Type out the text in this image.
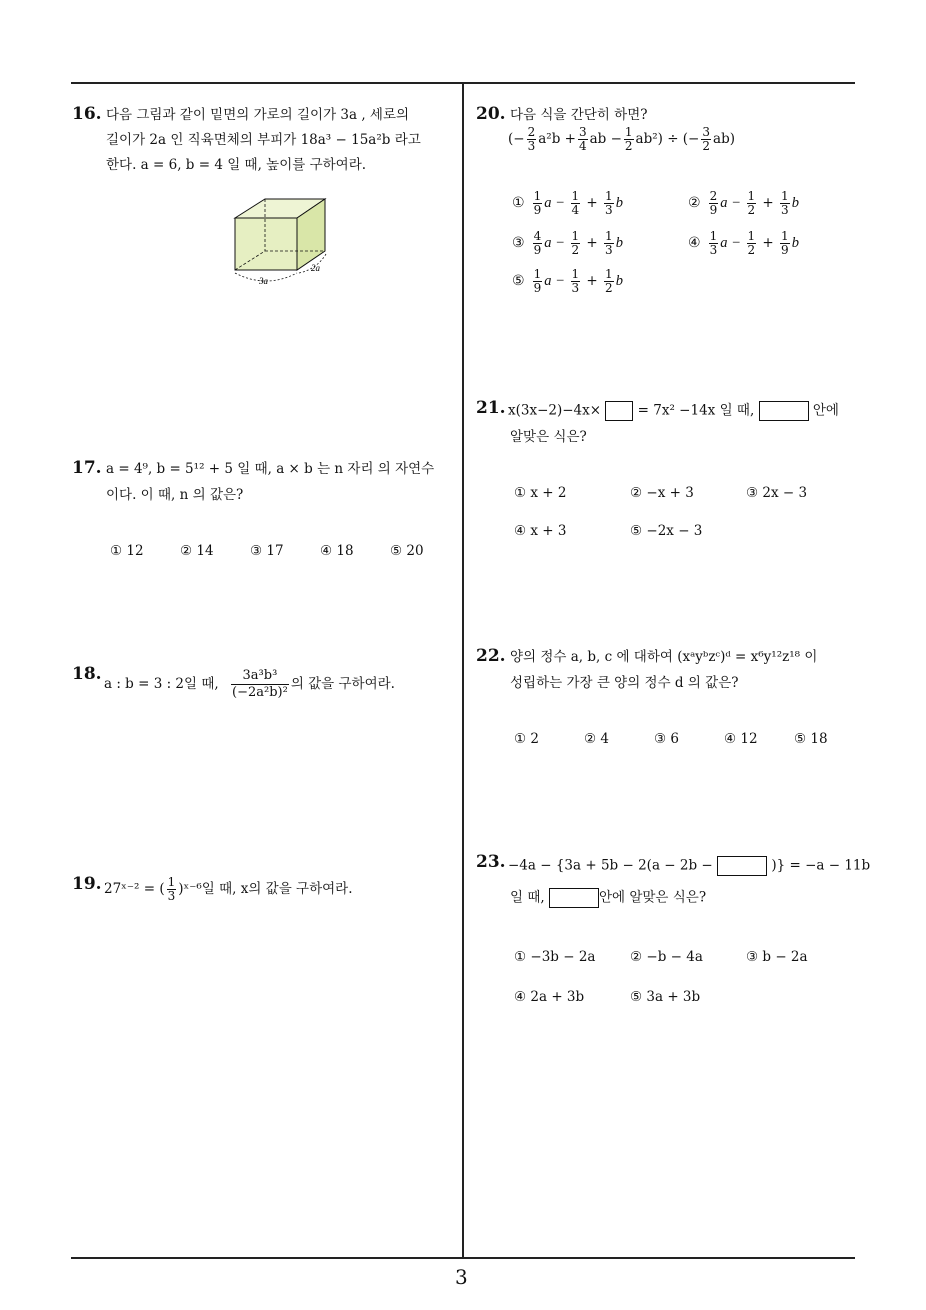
3
16. 다음 그림과 같이 밑면의 가로의 길이가 3a , 세로의
길이가 2a 인 직육면체의 부피가 18a³ − 15a²b 라고
한다. a = 6, b = 4 일 때, 높이를 구하여라.
3a
2a
17. a = 4⁹, b = 5¹² + 5 일 때, a × b 는 n 자리 의 자연수
이다. 이 때, n 의 값은?
① 12	② 14	③ 17	④ 18	⑤ 20
18. a : b = 3 : 2일 때, $\frac{\text{3a³b³}}{\text{(−2a²b)²}}$ 의 값을 구하여라.
19. 27ˣ⁻² = ( $\frac{1}{3}$ )ˣ⁻⁶일 때, x의 값을 구하여라.
20. 다음 식을 간단히 하면?
(− $\frac{2}{3} a^2b + \frac{3}{4}$ ab − $\frac{1}{2} ab^2$) ÷ (− $\frac{3}{2} ab$)
① $\frac{1}{9}$ $a - \frac{1}{4} + \frac{1}{3}$ b	② $\frac{2}{9}$ $a - \frac{1}{2} + \frac{1}{3}$ b
③ $\frac{4}{9}$ $a - \frac{1}{2} + \frac{1}{3}$ b	④ $\frac{1}{3}$ $a - \frac{1}{2} + \frac{1}{9}$ b
⑤ $\frac{1}{9}$ $a - \frac{1}{3} + \frac{1}{2}$ b
21. x(3x−2)−4x×	= 7x² −14x 일 때,	안에
알맞은 식은?
① x + 2	② −x + 3	③ 2x − 3
④ x + 3	⑤ −2x − 3
22. 양의 정수 a, b, c 에 대하여 (xᵃyᵇzᶜ)ᵈ = x⁶y¹²z¹⁸ 이
성립하는 가장 큰 양의 정수 d 의 값은?
① 2	② 4	③ 6	④ 12	⑤ 18
23. −4a − {3a + 5b − 2(a − 2b −	)} = −a − 11b
일 때,	안에 알맞은 식은?
① −3b − 2a	② −b − 4a	③ b − 2a
④ 2a + 3b	⑤ 3a + 3b
